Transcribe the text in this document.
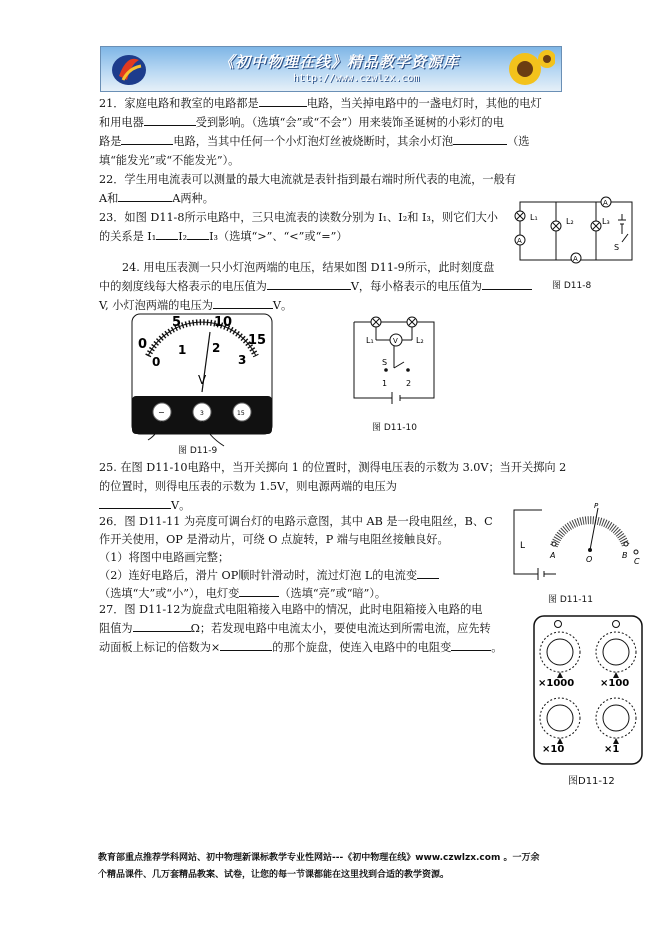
《初中物理在线》精品教学资源库
http://www.czwlzx.com
21．家庭电路和教室的电路都是	电路，当关掉电路中的一盏电灯时，其他的电灯
和用电器	受到影响。（选填“会”或“不会”）用来装饰圣诞树的小彩灯的电
路是	电路，当其中任何一个小灯泡灯丝被烧断时，其余小灯泡	（选
填“能发光”或“不能发光”）。
22．学生用电流表可以测量的最大电流就是表针指到最右端时所代表的电流，一般有
A和	A两种。
23．如图 D11-8所示电路中，三只电流表的读数分别为 I₁、I₂和 I₃，则它们大小
的关系是 I₁ I₂ I₃（选填“>”、“<”或“=”）
24. 用电压表测一只小灯泡两端的电压，结果如图 D11-9所示，此时刻度盘
中的刻度线每大格表示的电压值为	V，每小格表示的电压值为
V, 小灯泡两端的电压为	V。
L₁	L₂	L₃
S
A
A
A
图 D11-8
0
5	10
15
0
1 2
3
V
−	3	15
图 D11-9
L₁	L₂
V
S
1 2
图 D11-10
25. 在图 D11-10电路中，当开关掷向 1 的位置时，测得电压表的示数为 3.0V；当开关掷向 2
的位置时，则得电压表的示数为 1.5V，则电源两端的电压为
V。
26．图 D11-11 为亮度可调台灯的电路示意图，其中 AB 是一段电阻丝，B、C
作开关使用，OP 是滑动片，可绕 O 点旋转，P 端与电阻丝接触良好。
（1）将图中电路画完整；
（2）连好电路后，滑片 OP顺时针滑动时，流过灯泡 L的电流变
（选填“大”或“小”），电灯变	（选填“亮”或“暗”）。
L
A	O	B
C
P
图 D11-11
27．图 D11-12为旋盘式电阻箱接入电路中的情况，此时电阻箱接入电路的电
阻值为	Ω；若发现电路中电流太小，要使电流达到所需电流，应先转
动面板上标记的倍数为×	的那个旋盘，使连入电路中的电阻变	。
×1000	×100
×10	×1
图D11-12
教育部重点推荐学科网站、初中物理新课标教学专业性网站---《初中物理在线》www.czwlzx.com 。一万余
个精品课件、几万套精品教案、试卷，让您的每一节课都能在这里找到合适的教学资源。
